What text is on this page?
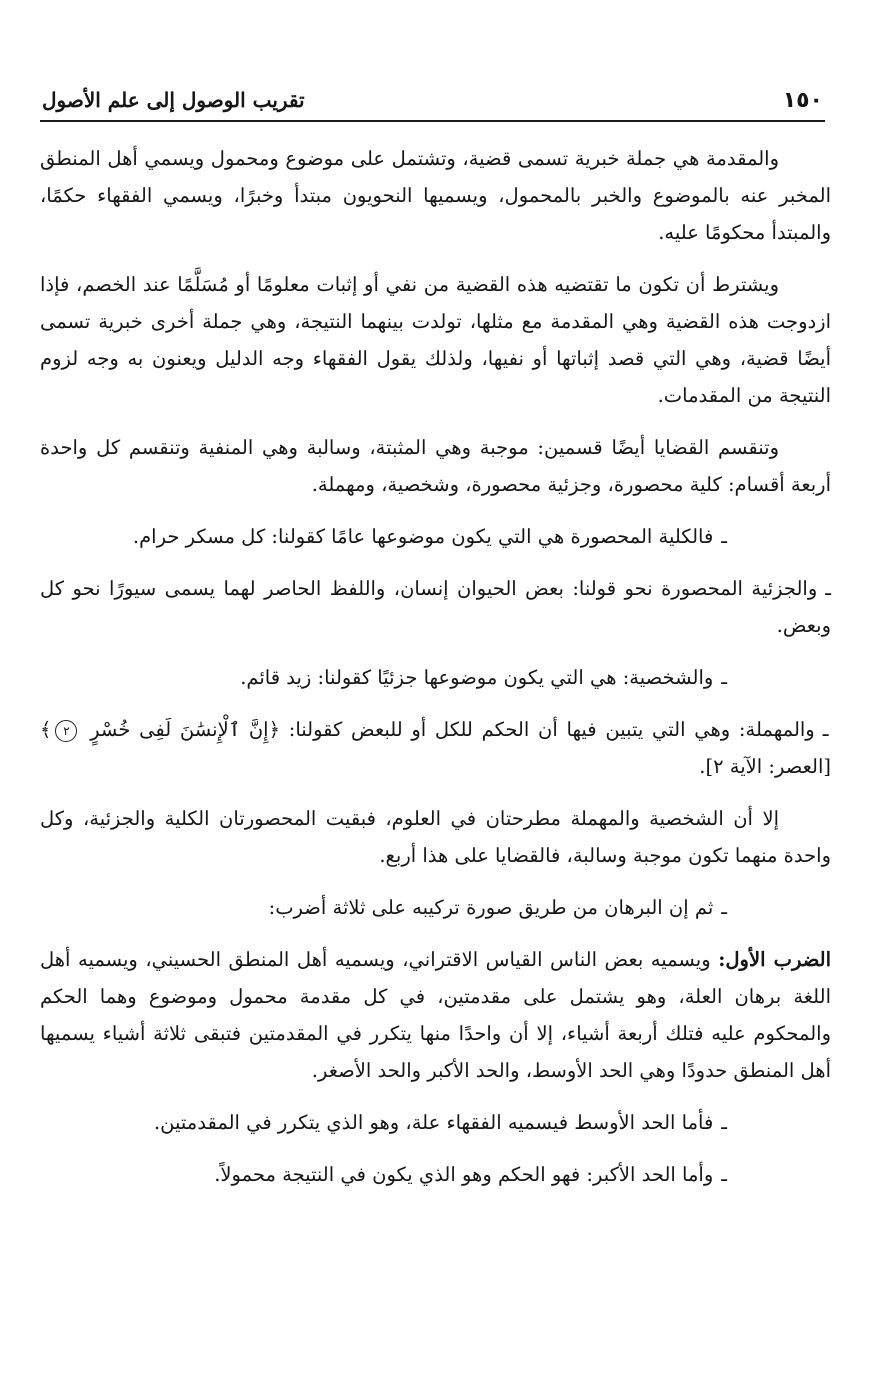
١٥٠
تقريب الوصول إلى علم الأصول

والمقدمة هي جملة خبرية تسمى قضية، وتشتمل على موضوع ومحمول ويسمي أهل المنطق المخبر عنه بالموضوع والخبر بالمحمول، ويسميها النحويون مبتدأ وخبرًا، ويسمي الفقهاء حكمًا، والمبتدأ محكومًا عليه.

ويشترط أن تكون ما تقتضيه هذه القضية من نفي أو إثبات معلومًا أو مُسَلَّمًا عند الخصم، فإذا ازدوجت هذه القضية وهي المقدمة مع مثلها، تولدت بينهما النتيجة، وهي جملة أخرى خبرية تسمى أيضًا قضية، وهي التي قصد إثباتها أو نفيها، ولذلك يقول الفقهاء وجه الدليل ويعنون به وجه لزوم النتيجة من المقدمات.

وتنقسم القضايا أيضًا قسمين: موجبة وهي المثبتة، وسالبة وهي المنفية وتنقسم كل واحدة أربعة أقسام: كلية محصورة، وجزئية محصورة، وشخصية، ومهملة.

ـفالكلية المحصورة هي التي يكون موضوعها عامًا كقولنا: كل مسكر حرام.

ـوالجزئية المحصورة نحو قولنا: بعض الحيوان إنسان، واللفظ الحاصر لهما يسمى سيورًا نحو كل وبعض.

ـوالشخصية: هي التي يكون موضوعها جزئيًا كقولنا: زيد قائم.

ـوالمهملة: وهي التي يتبين فيها أن الحكم للكل أو للبعض كقولنا: ﴿إِنَّ ٱلْإِنسَٰنَ لَفِى خُسْرٍ ٢﴾ [العصر: الآية ٢].

إلا أن الشخصية والمهملة مطرحتان في العلوم، فبقيت المحصورتان الكلية والجزئية، وكل واحدة منهما تكون موجبة وسالبة، فالقضايا على هذا أربع.

ـثم إن البرهان من طريق صورة تركيبه على ثلاثة أضرب:

الضرب الأول: ويسميه بعض الناس القياس الاقتراني، ويسميه أهل المنطق الحسيني، ويسميه أهل اللغة برهان العلة، وهو يشتمل على مقدمتين، في كل مقدمة محمول وموضوع وهما الحكم والمحكوم عليه فتلك أربعة أشياء، إلا أن واحدًا منها يتكرر في المقدمتين فتبقى ثلاثة أشياء يسميها أهل المنطق حدودًا وهي الحد الأوسط، والحد الأكبر والحد الأصغر.

ـفأما الحد الأوسط فيسميه الفقهاء علة، وهو الذي يتكرر في المقدمتين.

ـوأما الحد الأكبر: فهو الحكم وهو الذي يكون في النتيجة محمولاً.
